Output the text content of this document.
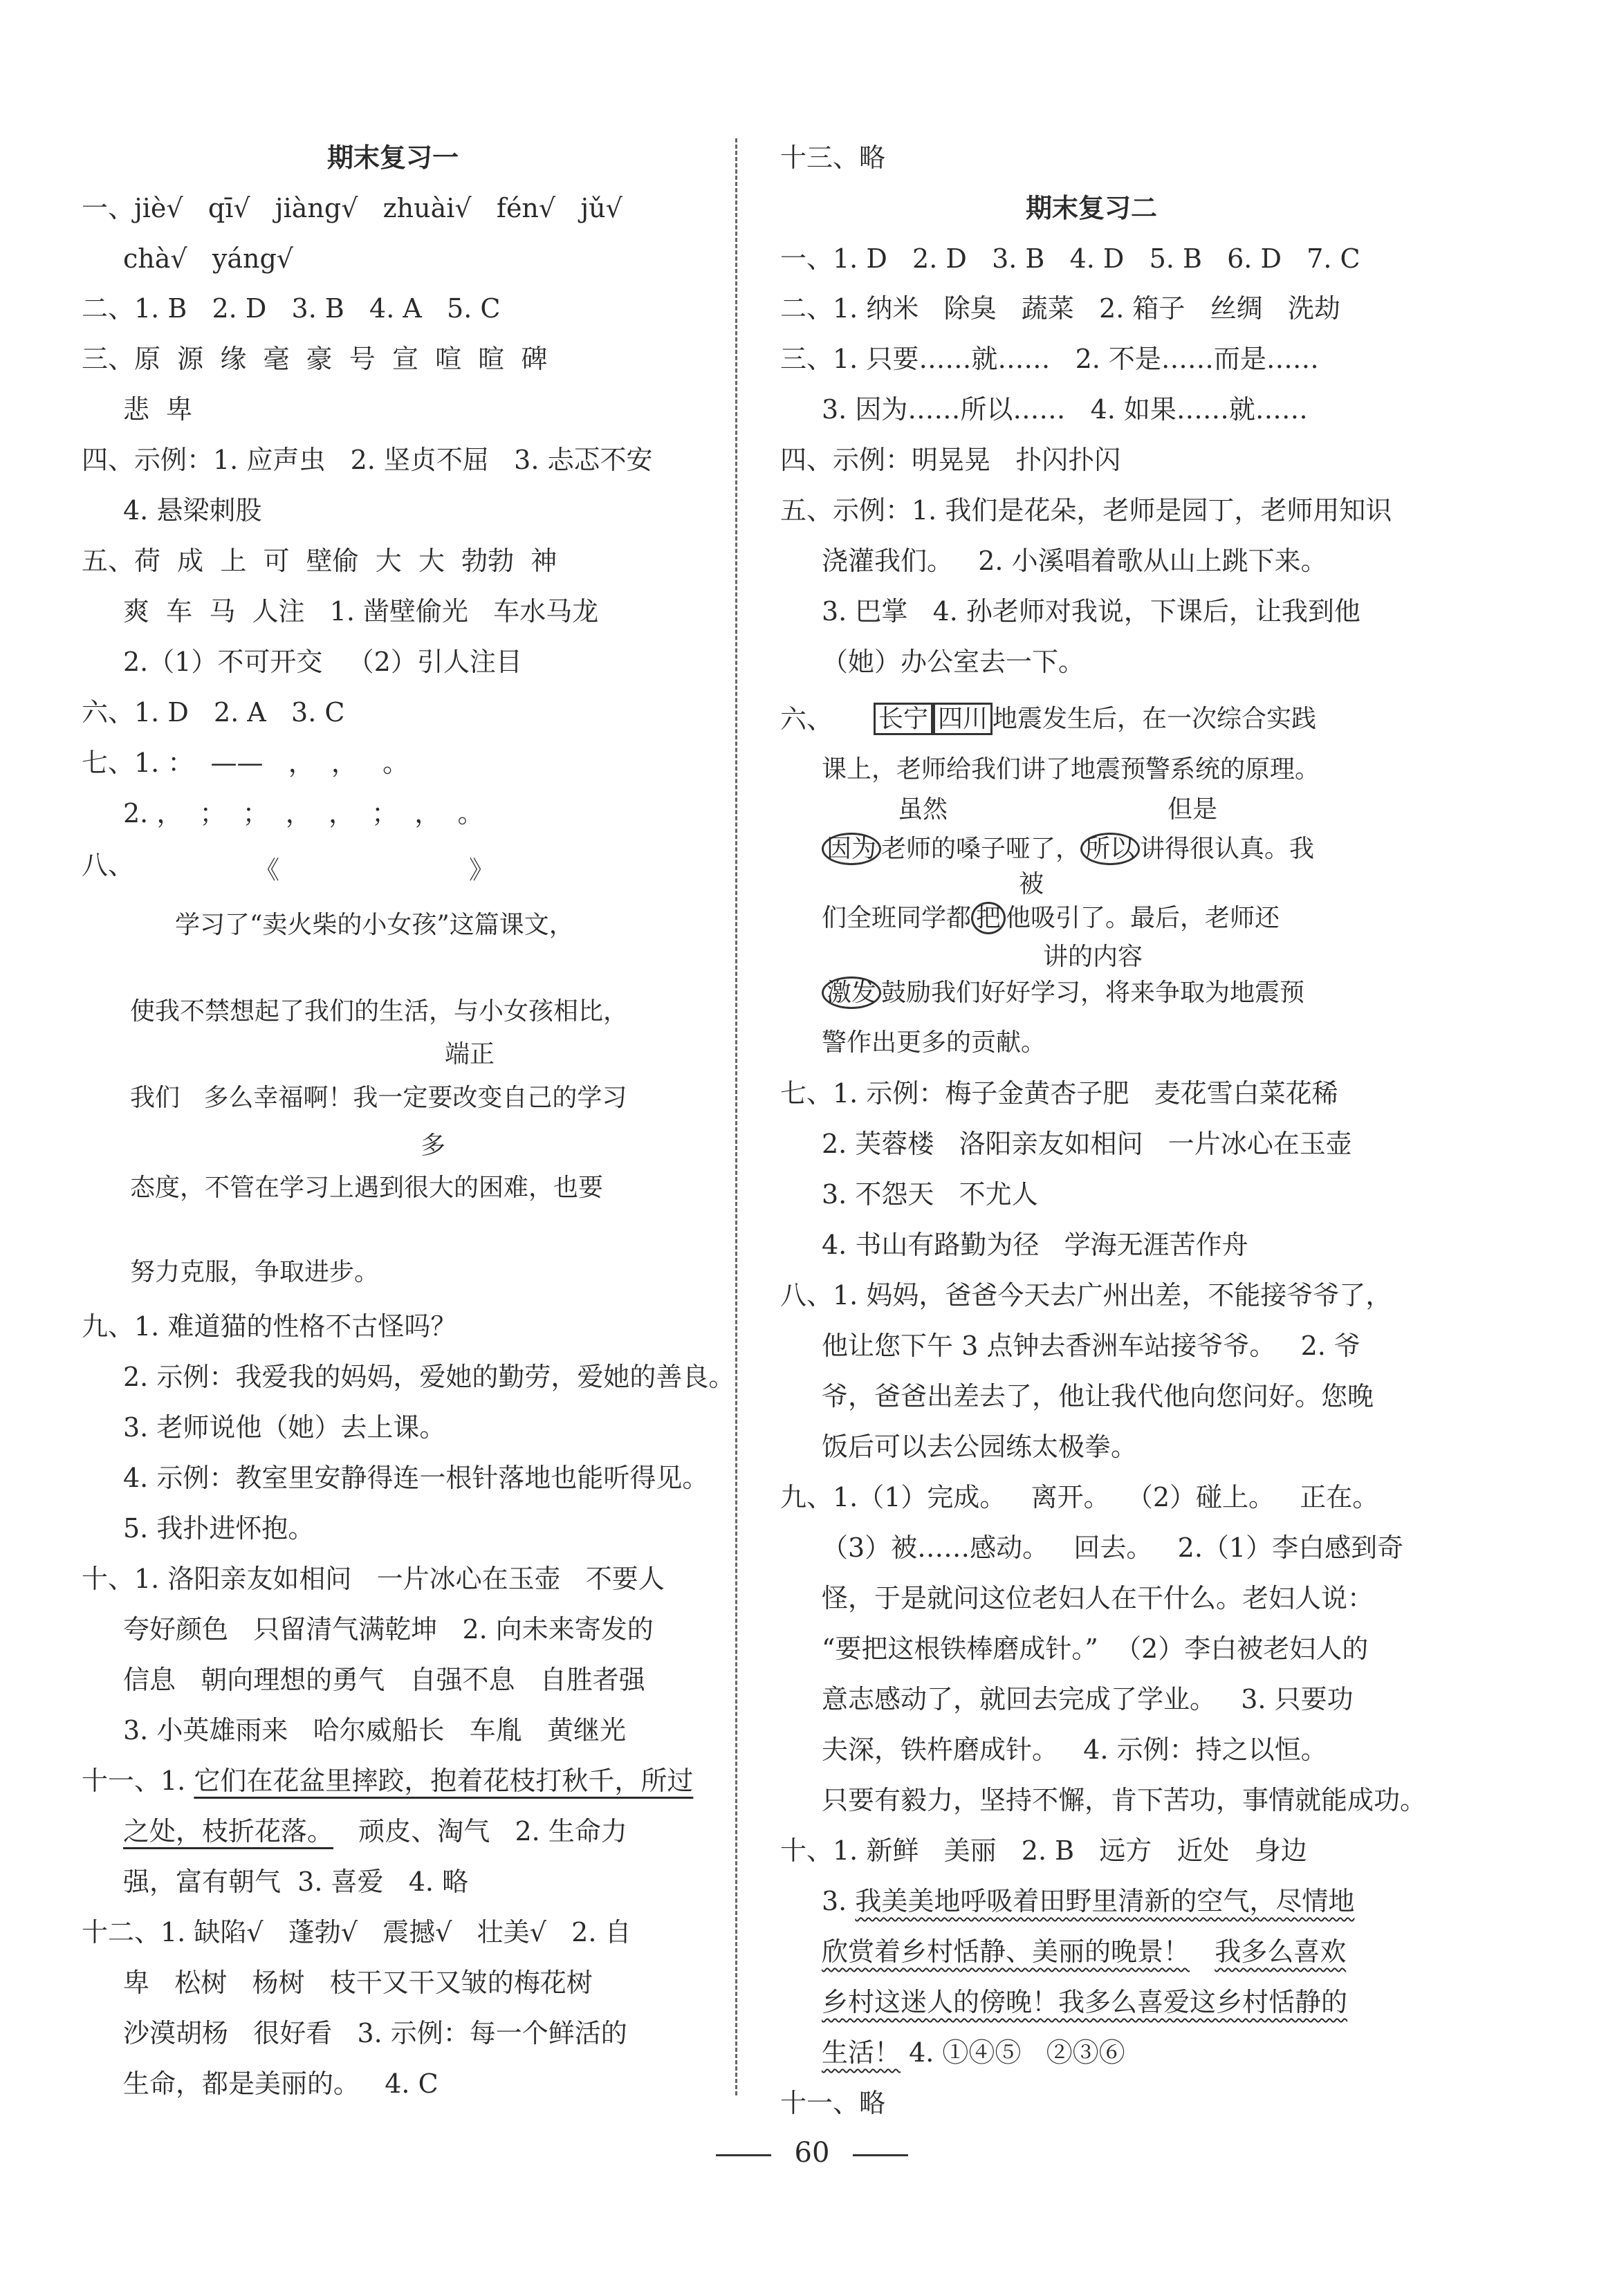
期末复习一
一、jiè√   qī√   jiàng√   zhuài√   fén√   jǔ√
chà√   yáng√
二、1. B   2. D   3. B   4. A   5. C
三、原  源  缘  毫  豪  号  宣  喧  暄  碑
悲  卑
四、示例：1. 应声虫   2. 坚贞不屈   3. 忐忑不安
4. 悬梁刺股
五、荷  成  上  可  壁偷  大  大  勃勃  神
爽  车  马  人注   1. 凿壁偷光   车水马龙
2.（1）不可开交   （2）引人注目
六、1. D   2. A   3. C
七、1. ：  ——   ，  ，   。
2. ，  ；  ；  ，  ，  ；  ，  。
八、	《	》
学习了“卖火柴的小女孩”这篇课文，
使我不禁想起了我们的生活，与小女孩相比，
端正
我们   多么幸福啊！我一定要改变自己的学习
多
态度，不管在学习上遇到很大的困难，也要
努力克服，争取进步。
九、1. 难道猫的性格不古怪吗？
2. 示例：我爱我的妈妈，爱她的勤劳，爱她的善良。
3. 老师说他（她）去上课。
4. 示例：教室里安静得连一根针落地也能听得见。
5. 我扑进怀抱。
十、1. 洛阳亲友如相问   一片冰心在玉壶   不要人
夸好颜色   只留清气满乾坤   2. 向未来寄发的
信息   朝向理想的勇气   自强不息   自胜者强
3. 小英雄雨来   哈尔威船长   车胤   黄继光
十一、1. 它们在花盆里摔跤，抱着花枝打秋千，所过
之处，枝折花落。   顽皮、淘气   2. 生命力
强，富有朝气  3. 喜爱   4. 略
十二、1. 缺陷√   蓬勃√   震撼√   壮美√   2. 自
卑   松树   杨树   枝干又干又皱的梅花树
沙漠胡杨   很好看   3. 示例：每一个鲜活的
生命，都是美丽的。   4. C
十三、略
期末复习二
一、1. D   2. D   3. B   4. D   5. B   6. D   7. C
二、1. 纳米   除臭   蔬菜   2. 箱子   丝绸   洗劫
三、1. 只要……就……   2. 不是……而是……
3. 因为……所以……   4. 如果……就……
四、示例：明晃晃   扑闪扑闪
五、示例：1. 我们是花朵，老师是园丁，老师用知识
浇灌我们。   2. 小溪唱着歌从山上跳下来。
3. 巴掌   4. 孙老师对我说，下课后，让我到他
（她）办公室去一下。
六、 长宁 四川 地震发生后，在一次综合实践
课上，老师给我们讲了地震预警系统的原理。
虽然	但是
因为 老师的嗓子哑了， 所以 讲得很认真。我
被
们全班同学都 把 他吸引了。最后，老师还
讲的内容
激发 鼓励我们好好学习，将来争取为地震预
警作出更多的贡献。
七、1. 示例：梅子金黄杏子肥   麦花雪白菜花稀
2. 芙蓉楼   洛阳亲友如相问   一片冰心在玉壶
3. 不怨天   不尤人
4. 书山有路勤为径   学海无涯苦作舟
八、1. 妈妈，爸爸今天去广州出差，不能接爷爷了，
他让您下午 3 点钟去香洲车站接爷爷。   2. 爷
爷，爸爸出差去了，他让我代他向您问好。您晚
饭后可以去公园练太极拳。
九、1.（1）完成。   离开。  （2）碰上。   正在。
（3）被……感动。   回去。   2.（1）李白感到奇
怪，于是就问这位老妇人在干什么。老妇人说：
“要把这根铁棒磨成针。”  （2）李白被老妇人的
意志感动了，就回去完成了学业。   3. 只要功
夫深，铁杵磨成针。   4. 示例：持之以恒。
只要有毅力，坚持不懈，肯下苦功，事情就能成功。
十、1. 新鲜   美丽   2. B   远方   近处   身边
3. 我美美地呼吸着田野里清新的空气，尽情地
欣赏着乡村恬静、美丽的晚景！ 我多么喜欢
乡村这迷人的傍晚！我多么喜爱这乡村恬静的
生活！ 4. ①④⑤   ②③⑥
十一、略
60
